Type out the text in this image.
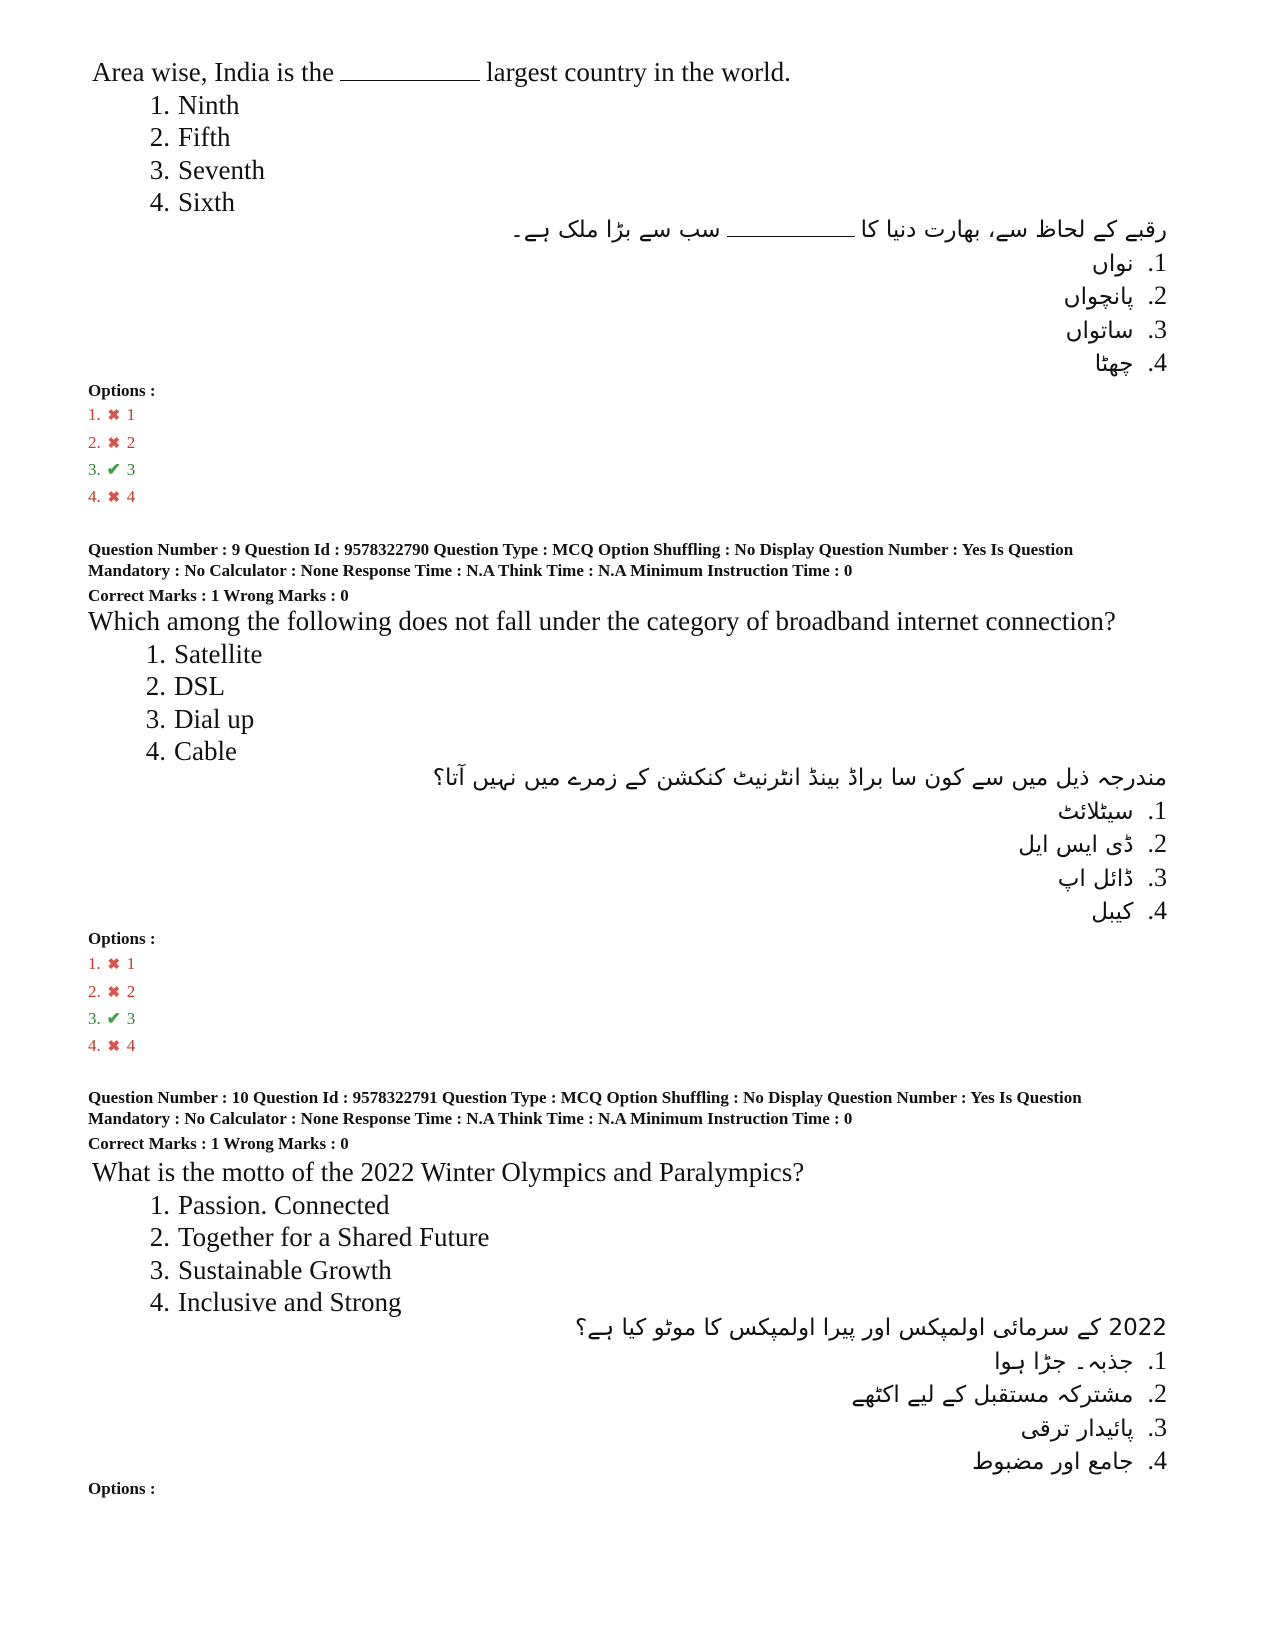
Area wise, India is the	largest country in the world.
1. Ninth
2. Fifth
3. Seventh
4. Sixth
رقبے کے لحاظ سے، بھارت دنیا کاسب سے بڑا ملک ہے۔
1.نواں
2.پانچواں
3.ساتواں
4.چھٹا
Options :
1. ✖ 1
2. ✖ 2
3. ✔ 3
4. ✖ 4
Question Number : 9 Question Id : 9578322790 Question Type : MCQ Option Shuffling : No Display Question Number : Yes Is Question
Mandatory : No Calculator : None Response Time : N.A Think Time : N.A Minimum Instruction Time : 0
Correct Marks : 1 Wrong Marks : 0
Which among the following does not fall under the category of broadband internet connection?
1. Satellite
2. DSL
3. Dial up
4. Cable
مندرجہ ذیل میں سے کون سا براڈ بینڈ انٹرنیٹ کنکشن کے زمرے میں نہیں آتا؟
1.سیٹلائٹ
2.ڈی ایس ایل
3.ڈائل اپ
4.کیبل
Options :
1. ✖ 1
2. ✖ 2
3. ✔ 3
4. ✖ 4
Question Number : 10 Question Id : 9578322791 Question Type : MCQ Option Shuffling : No Display Question Number : Yes Is Question
Mandatory : No Calculator : None Response Time : N.A Think Time : N.A Minimum Instruction Time : 0
Correct Marks : 1 Wrong Marks : 0
What is the motto of the 2022 Winter Olympics and Paralympics?
1. Passion. Connected
2. Together for a Shared Future
3. Sustainable Growth
4. Inclusive and Strong
2022 کے سرمائی اولمپکس اور پیرا اولمپکس کا موٹو کیا ہے؟
1.جذبہ۔ جڑا ہوا
2.مشترکہ مستقبل کے لیے اکٹھے
3.پائیدار ترقی
4.جامع اور مضبوط
Options :
